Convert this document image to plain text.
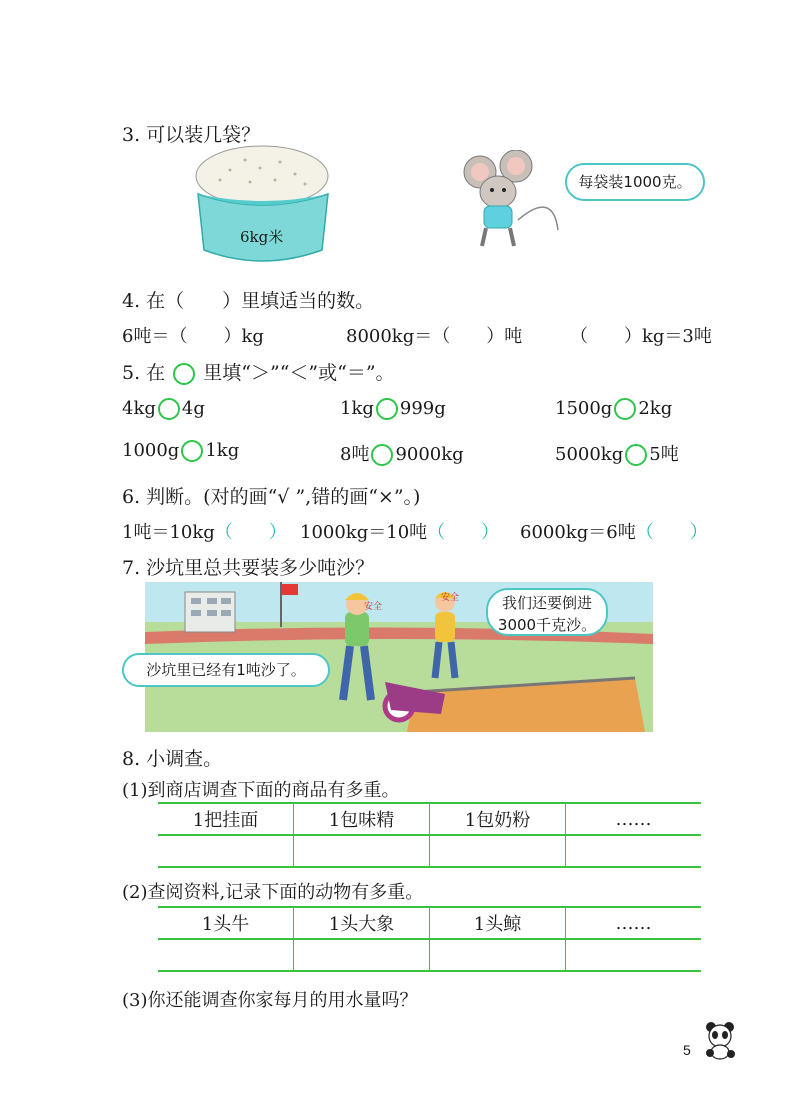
3. 可以装几袋？
6kg米
每袋装1000克。
4. 在（　　）里填适当的数。
6吨＝（　　）kg	8000kg＝（　　）吨	（　　）kg＝3吨
5. 在 里填“＞”“＜”或“＝”。
4kg 4g	1kg 999g	1500g 2kg
1000g 1kg	8吨 9000kg	5000kg 5吨
6. 判断。(对的画“√ ”,错的画“×”。)
1吨＝10kg（　　） 1000kg＝10吨（　　） 6000kg＝6吨（　　）
7. 沙坑里总共要装多少吨沙？
安全
安全	我们还要倒进3000千克沙。
沙坑里已经有1吨沙了。
8. 小调查。
(1)到商店调查下面的商品有多重。
1把挂面	1包味精	1包奶粉	……

(2)查阅资料,记录下面的动物有多重。
1头牛	1头大象	1头鲸	……

(3)你还能调查你家每月的用水量吗？
5
